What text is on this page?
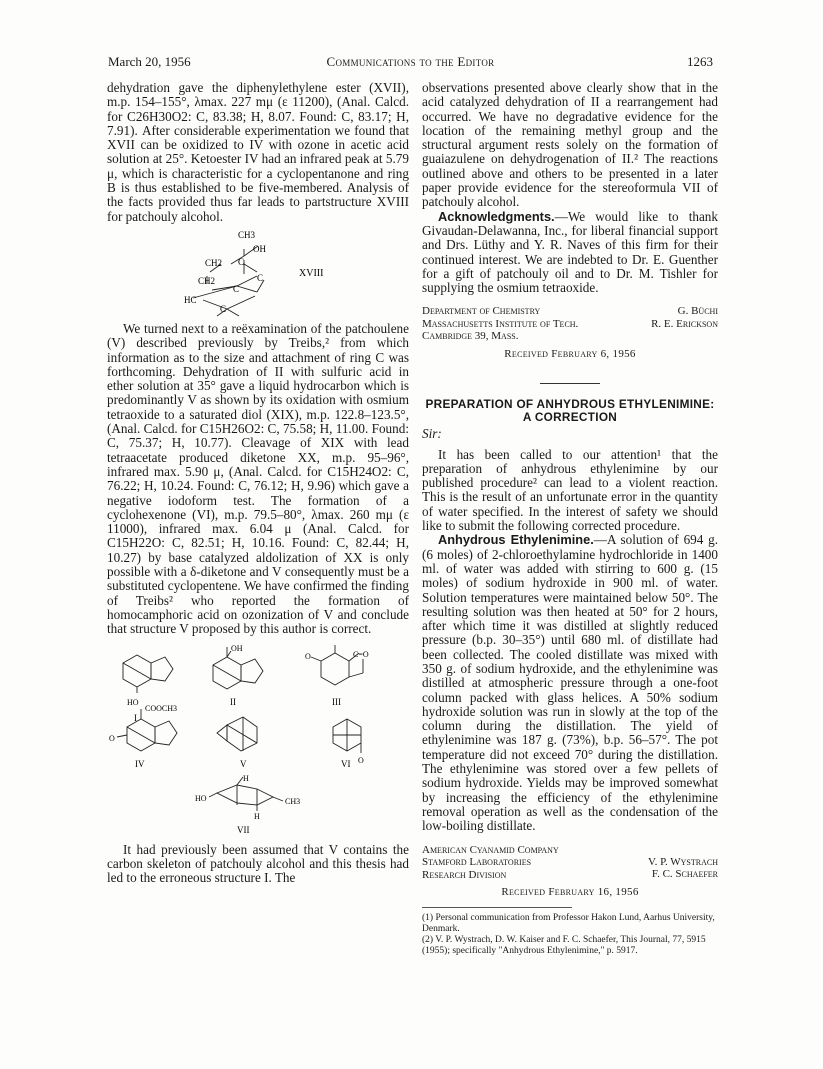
March 20, 1956	Communications to the Editor	1263

dehydration gave the diphenylethylene ester (XVII), m.p. 154–155°, λmax. 227 mμ (ε 11200), (Anal. Calcd. for C26H30O2: C, 83.38; H, 8.07. Found: C, 83.17; H, 7.91). After considerable experimentation we found that XVII can be oxidized to IV with ozone in acetic acid solution at 25°. Ketoester IV had an infrared peak at 5.79 μ, which is characteristic for a cyclopentanone and ring B is thus established to be five-membered. Analysis of the facts provided thus far leads to partstructure XVIII for patchouly alcohol.

CH3
OH
CH2 C
CH2	C
C
HC
C
XVIII

We turned next to a reëxamination of the patchoulene (V) described previously by Treibs,² from which information as to the size and attachment of ring C was forthcoming. Dehydration of II with sulfuric acid in ether solution at 35° gave a liquid hydrocarbon which is predominantly V as shown by its oxidation with osmium tetraoxide to a saturated diol (XIX), m.p. 122.8–123.5°, (Anal. Calcd. for C15H26O2: C, 75.58; H, 11.00. Found: C, 75.37; H, 10.77). Cleavage of XIX with lead tetraacetate produced diketone XX, m.p. 95–96°, infrared max. 5.90 μ, (Anal. Calcd. for C15H24O2: C, 76.22; H, 10.24. Found: C, 76.12; H, 9.96) which gave a negative iodoform test. The formation of a cyclohexenone (VI), m.p. 79.5–80°, λmax. 260 mμ (ε 11000), infrared max. 6.04 μ (Anal. Calcd. for C15H22O: C, 82.51; H, 10.16. Found: C, 82.44; H, 10.27) by base catalyzed aldolization of XX is only possible with a δ-diketone and V consequently must be a substituted cyclopentene. We have confirmed the finding of Treibs² who reported the formation of homocamphoric acid on ozonization of V and conclude that structure V proposed by this author is correct.

HO
I
OH
II
O	C=O
III
COOCH3
O
IV	V	O
VI
HO
H
H
CH3
VII

It had previously been assumed that V contains the carbon skeleton of patchouly alcohol and this thesis had led to the erroneous structure I. The

observations presented above clearly show that in the acid catalyzed dehydration of II a rearrangement had occurred. We have no degradative evidence for the location of the remaining methyl group and the structural argument rests solely on the formation of guaiazulene on dehydrogenation of II.² The reactions outlined above and others to be presented in a later paper provide evidence for the stereoformula VII of patchouly alcohol.

Acknowledgments.—We would like to thank Givaudan-Delawanna, Inc., for liberal financial support and Drs. Lüthy and Y. R. Naves of this firm for their continued interest. We are indebted to Dr. E. Guenther for a gift of patchouly oil and to Dr. M. Tishler for supplying the osmium tetraoxide.

Department of Chemistry
Massachusetts Institute of Tech.
Cambridge 39, Mass.
G. Büchi
R. E. Erickson
Received February 6, 1956
PREPARATION OF ANHYDROUS ETHYLENIMINE:
A CORRECTION
Sir:

It has been called to our attention¹ that the preparation of anhydrous ethylenimine by our published procedure² can lead to a violent reaction. This is the result of an unfortunate error in the quantity of water specified. In the interest of safety we should like to submit the following corrected procedure.

Anhydrous Ethylenimine.—A solution of 694 g. (6 moles) of 2-chloroethylamine hydrochloride in 1400 ml. of water was added with stirring to 600 g. (15 moles) of sodium hydroxide in 900 ml. of water. Solution temperatures were maintained below 50°. The resulting solution was then heated at 50° for 2 hours, after which time it was distilled at slightly reduced pressure (b.p. 30–35°) until 680 ml. of distillate had been collected. The cooled distillate was mixed with 350 g. of sodium hydroxide, and the ethylenimine was distilled at atmospheric pressure through a one-foot column packed with glass helices. A 50% sodium hydroxide solution was run in slowly at the top of the column during the distillation. The yield of ethylenimine was 187 g. (73%), b.p. 56–57°. The pot temperature did not exceed 70° during the distillation. The ethylenimine was stored over a few pellets of sodium hydroxide. Yields may be improved somewhat by increasing the efficiency of the ethylenimine removal operation as well as the condensation of the low-boiling distillate.

American Cyanamid Company
Stamford Laboratories
Research Division
V. P. Wystrach
F. C. Schaefer
Received February 16, 1956
(1) Personal communication from Professor Hakon Lund, Aarhus University, Denmark.
(2) V. P. Wystrach, D. W. Kaiser and F. C. Schaefer, This Journal, 77, 5915 (1955); specifically "Anhydrous Ethylenimine," p. 5917.
